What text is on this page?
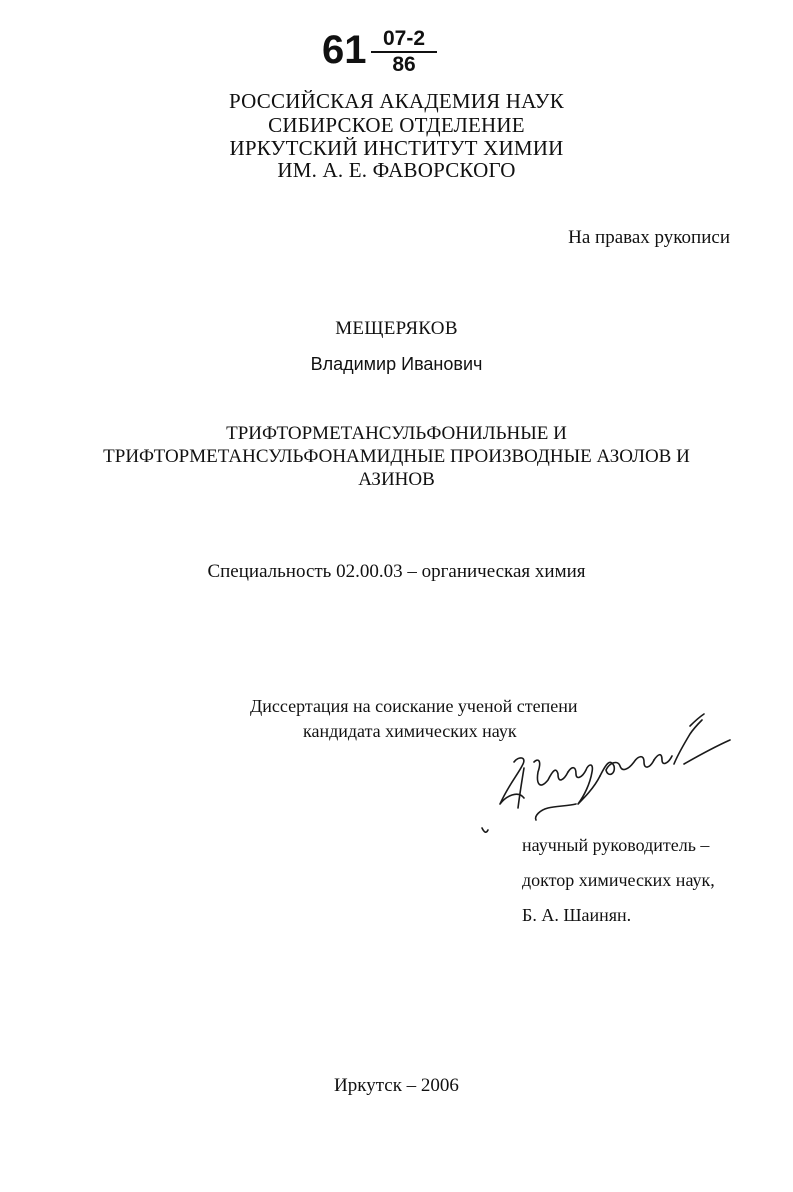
61 07-2
86
РОССИЙСКАЯ АКАДЕМИЯ НАУК
СИБИРСКОЕ ОТДЕЛЕНИЕ
ИРКУТСКИЙ ИНСТИТУТ ХИМИИ
ИМ. А. Е. ФАВОРСКОГО
На правах рукописи
МЕЩЕРЯКОВ
Владимир Иванович
ТРИФТОРМЕТАНСУЛЬФОНИЛЬНЫЕ И
ТРИФТОРМЕТАНСУЛЬФОНАМИДНЫЕ ПРОИЗВОДНЫЕ АЗОЛОВ И
АЗИНОВ
Специальность 02.00.03 – органическая химия
Диссертация на соискание ученой степени
кандидата химических наук
научный руководитель –
доктор химических наук,
Б. А. Шаинян.
Иркутск – 2006
